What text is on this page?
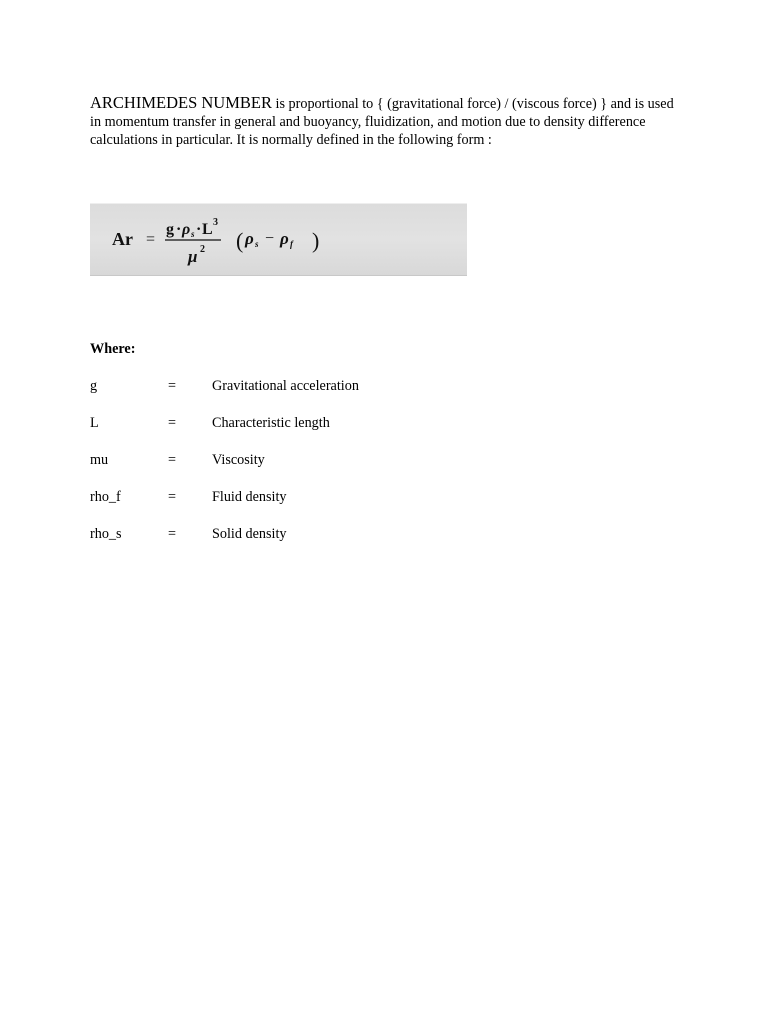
ARCHIMEDES NUMBER is proportional to { (gravitational force) / (viscous force) } and is used in momentum transfer in general and buoyancy, fluidization, and motion due to density difference calculations in particular. It is normally defined in the following form :

Ar =
g · ρ s · L 3
μ 2 ( ρ s − ρ f )

Where:

g	=	Gravitational acceleration
L	=	Characteristic length
mu	=	Viscosity
rho_f	=	Fluid density
rho_s	=	Solid density
